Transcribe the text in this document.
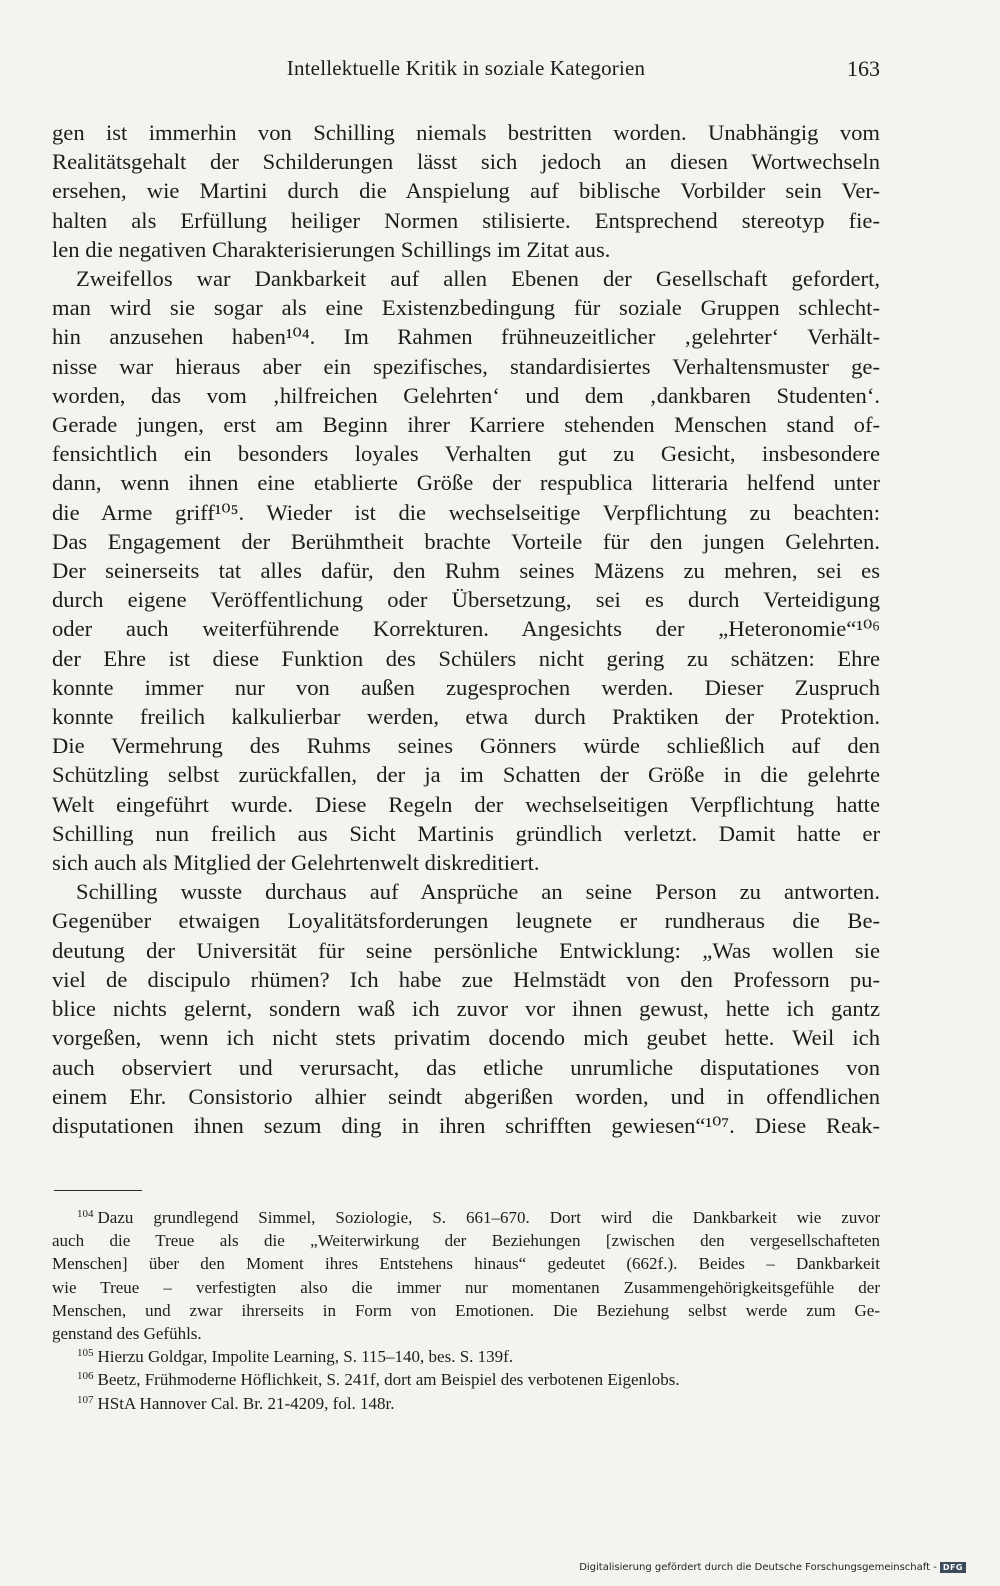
Intellektuelle Kritik in soziale Kategorien	163
gen ist immerhin von Schilling niemals bestritten worden. Unabhängig vom
Realitätsgehalt der Schilderungen lässt sich jedoch an diesen Wortwechseln
ersehen, wie Martini durch die Anspielung auf biblische Vorbilder sein Ver-
halten als Erfüllung heiliger Normen stilisierte. Entsprechend stereotyp fie-
len die negativen Charakterisierungen Schillings im Zitat aus.
Zweifellos war Dankbarkeit auf allen Ebenen der Gesellschaft gefordert,
man wird sie sogar als eine Existenzbedingung für soziale Gruppen schlecht-
hin anzusehen haben¹⁰⁴. Im Rahmen frühneuzeitlicher ‚gelehrter‘ Verhält-
nisse war hieraus aber ein spezifisches, standardisiertes Verhaltensmuster ge-
worden, das vom ‚hilfreichen Gelehrten‘ und dem ‚dankbaren Studenten‘.
Gerade jungen, erst am Beginn ihrer Karriere stehenden Menschen stand of-
fensichtlich ein besonders loyales Verhalten gut zu Gesicht, insbesondere
dann, wenn ihnen eine etablierte Größe der respublica litteraria helfend unter
die Arme griff¹⁰⁵. Wieder ist die wechselseitige Verpflichtung zu beachten:
Das Engagement der Berühmtheit brachte Vorteile für den jungen Gelehrten.
Der seinerseits tat alles dafür, den Ruhm seines Mäzens zu mehren, sei es
durch eigene Veröffentlichung oder Übersetzung, sei es durch Verteidigung
oder auch weiterführende Korrekturen. Angesichts der „Heteronomie“¹⁰⁶
der Ehre ist diese Funktion des Schülers nicht gering zu schätzen: Ehre
konnte immer nur von außen zugesprochen werden. Dieser Zuspruch
konnte freilich kalkulierbar werden, etwa durch Praktiken der Protektion.
Die Vermehrung des Ruhms seines Gönners würde schließlich auf den
Schützling selbst zurückfallen, der ja im Schatten der Größe in die gelehrte
Welt eingeführt wurde. Diese Regeln der wechselseitigen Verpflichtung hatte
Schilling nun freilich aus Sicht Martinis gründlich verletzt. Damit hatte er
sich auch als Mitglied der Gelehrtenwelt diskreditiert.
Schilling wusste durchaus auf Ansprüche an seine Person zu antworten.
Gegenüber etwaigen Loyalitätsforderungen leugnete er rundheraus die Be-
deutung der Universität für seine persönliche Entwicklung: „Was wollen sie
viel de discipulo rhümen? Ich habe zue Helmstädt von den Professorn pu-
blice nichts gelernt, sondern waß ich zuvor vor ihnen gewust, hette ich gantz
vorgeßen, wenn ich nicht stets privatim docendo mich geubet hette. Weil ich
auch observiert und verursacht, das etliche unrumliche disputationes von
einem Ehr. Consistorio alhier seindt abgerißen worden, und in offendlichen
disputationen ihnen sezum ding in ihren schrifften gewiesen“¹⁰⁷. Diese Reak-
$^{104}$ Dazu grundlegend Simmel, Soziologie, S. 661–670. Dort wird die Dankbarkeit wie zuvor
auch die Treue als die „Weiterwirkung der Beziehungen [zwischen den vergesellschafteten
Menschen] über den Moment ihres Entstehens hinaus“ gedeutet (662f.). Beides – Dankbarkeit
wie Treue – verfestigten also die immer nur momentanen Zusammengehörigkeitsgefühle der
Menschen, und zwar ihrerseits in Form von Emotionen. Die Beziehung selbst werde zum Ge-
genstand des Gefühls.
$^{105}$ Hierzu Goldgar, Impolite Learning, S. 115–140, bes. S. 139f.
$^{106}$ Beetz, Frühmoderne Höflichkeit, S. 241f, dort am Beispiel des verbotenen Eigenlobs.
$^{107}$ HStA Hannover Cal. Br. 21-4209, fol. 148r.
Digitalisierung gefördert durch die Deutsche Forschungsgemeinschaft - DFG
